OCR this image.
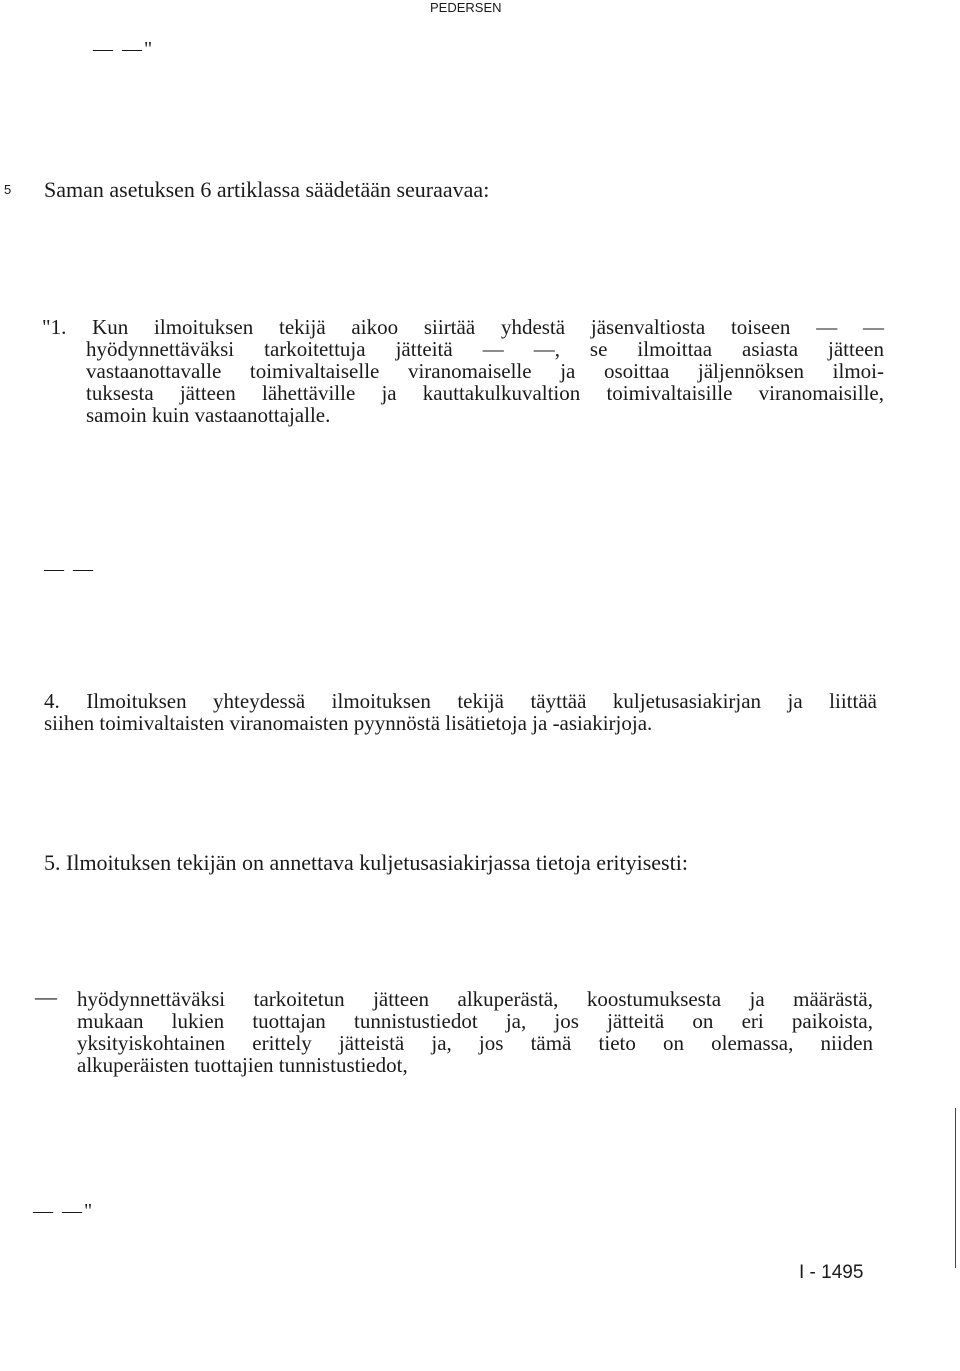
PEDERSEN

— —"

5 Saman asetuksen 6 artiklassa säädetään seuraavaa:

"1. Kun ilmoituksen tekijä aikoo siirtää yhdestä jäsenvaltiosta toiseen — —
hyödynnettäväksi tarkoitettuja jätteitä — —, se ilmoittaa asiasta jätteen
vastaanottavalle toimivaltaiselle viranomaiselle ja osoittaa jäljennöksen ilmoi-
tuksesta jätteen lähettäville ja kauttakulkuvaltion toimivaltaisille viranomaisille,
samoin kuin vastaanottajalle.

— —

4. Ilmoituksen yhteydessä ilmoituksen tekijä täyttää kuljetusasiakirjan ja liittää
siihen toimivaltaisten viranomaisten pyynnöstä lisätietoja ja -asiakirjoja.

5. Ilmoituksen tekijän on annettava kuljetusasiakirjassa tietoja erityisesti:

— hyödynnettäväksi tarkoitetun jätteen alkuperästä, koostumuksesta ja määrästä,
mukaan lukien tuottajan tunnistustiedot ja, jos jätteitä on eri paikoista,
yksityiskohtainen erittely jätteistä ja, jos tämä tieto on olemassa, niiden
alkuperäisten tuottajien tunnistustiedot,

— —"

I - 1495
